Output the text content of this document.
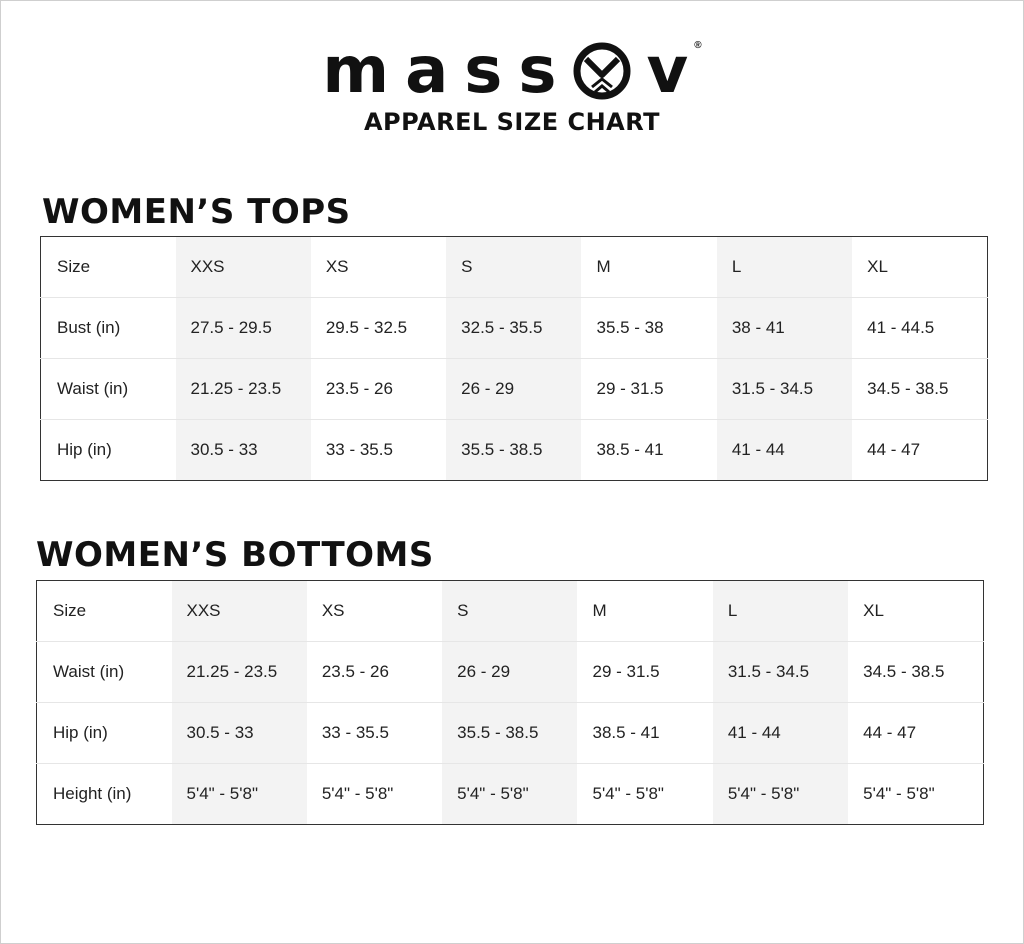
m a s s v ®
APPAREL SIZE CHART
WOMEN’S TOPS
Size	XXS	XS	S	M	L	XL
Bust (in)	27.5 - 29.5	29.5 - 32.5	32.5 - 35.5	35.5 - 38	38 - 41	41 - 44.5
Waist (in)	21.25 - 23.5	23.5 - 26	26 - 29	29 - 31.5	31.5 - 34.5	34.5 - 38.5
Hip (in)	30.5 - 33	33 - 35.5	35.5 - 38.5	38.5 - 41	41 - 44	44 - 47
WOMEN’S BOTTOMS
Size	XXS	XS	S	M	L	XL
Waist (in)	21.25 - 23.5	23.5 - 26	26 - 29	29 - 31.5	31.5 - 34.5	34.5 - 38.5
Hip (in)	30.5 - 33	33 - 35.5	35.5 - 38.5	38.5 - 41	41 - 44	44 - 47
Height (in)	5'4" - 5'8"	5'4" - 5'8"	5'4" - 5'8"	5'4" - 5'8"	5'4" - 5'8"	5'4" - 5'8"
